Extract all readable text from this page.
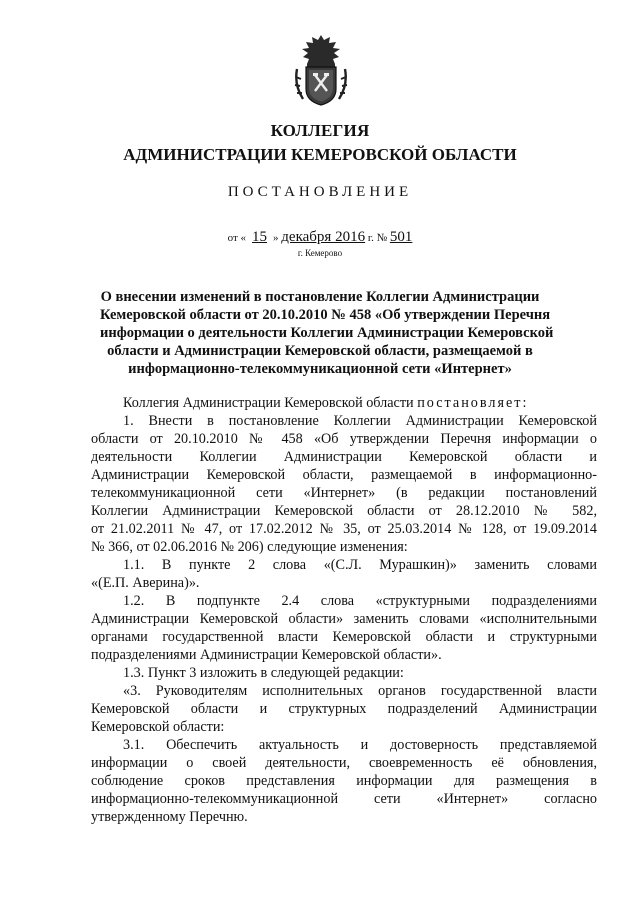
КОЛЛЕГИЯ
АДМИНИСТРАЦИИ КЕМЕРОВСКОЙ ОБЛАСТИ
ПОСТАНОВЛЕНИЕ
от « 15 » декабря 2016 г. № 501
г. Кемерово
О внесении изменений в постановление Коллегии Администрации
Кемеровской области от 20.10.2010 № 458 «Об утверждении Перечня
информации о деятельности Коллегии Администрации Кемеровской
области и Администрации Кемеровской области, размещаемой в
информационно-телекоммуникационной сети «Интернет»
Коллегия Администрации Кемеровской области постановляет:
1. Внести в постановление Коллегии Администрации Кемеровской
области от 20.10.2010 № 458 «Об утверждении Перечня информации о
деятельности Коллегии Администрации Кемеровской области и
Администрации Кемеровской области, размещаемой в информационно-
телекоммуникационной сети «Интернет» (в редакции постановлений
Коллегии Администрации Кемеровской области от 28.12.2010 № 582,
от 21.02.2011 № 47, от 17.02.2012 № 35, от 25.03.2014 № 128, от 19.09.2014
№ 366, от 02.06.2016 № 206) следующие изменения:
1.1. В пункте 2 слова «(С.Л. Мурашкин)» заменить словами
«(Е.П. Аверина)».
1.2. В подпункте 2.4 слова «структурными подразделениями
Администрации Кемеровской области» заменить словами «исполнительными
органами государственной власти Кемеровской области и структурными
подразделениями Администрации Кемеровской области».
1.3. Пункт 3 изложить в следующей редакции:
«3. Руководителям исполнительных органов государственной власти
Кемеровской области и структурных подразделений Администрации
Кемеровской области:
3.1. Обеспечить актуальность и достоверность представляемой
информации о своей деятельности, своевременность её обновления,
соблюдение сроков представления информации для размещения в
информационно-телекоммуникационной сети «Интернет» согласно
утвержденному Перечню.
